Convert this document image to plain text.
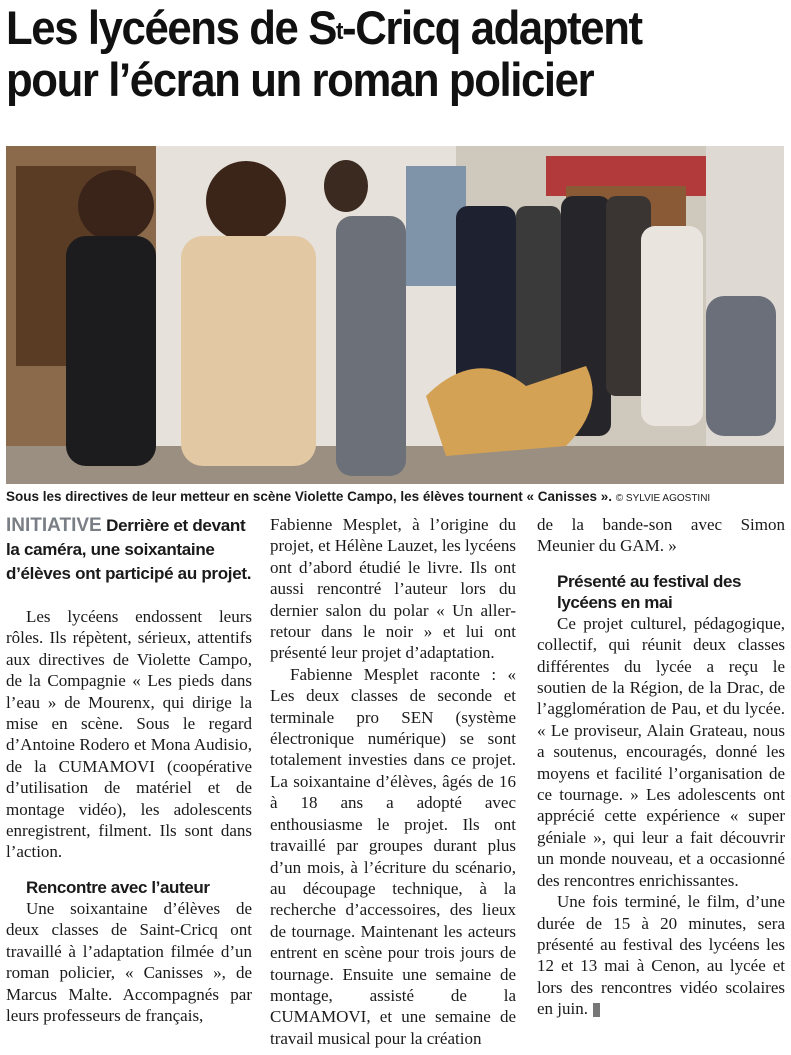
Les lycéens de $S^t$-Cricq adaptent pour l’écran un roman policier
Sous les directives de leur metteur en scène Violette Campo, les élèves tournent « Canisses ». © SYLVIE AGOSTINI
INITIATIVE Derrière et devant la caméra, une soixantaine d’élèves ont participé au projet.

Les lycéens endossent leurs rôles. Ils répètent, sérieux, attentifs aux directives de Violette Campo, de la Compagnie « Les pieds dans l’eau » de Mourenx, qui dirige la mise en scène. Sous le regard d’Antoine Rodero et Mona Audisio, de la CUMAMOVI (coopérative d’utilisation de matériel et de montage vidéo), les adolescents enregistrent, filment. Ils sont dans l’action.

Rencontre avec l’auteur

Une soixantaine d’élèves de deux classes de Saint-Cricq ont travaillé à l’adaptation filmée d’un roman policier, « Canisses », de Marcus Malte. Accompagnés par leurs professeurs de français,

Fabienne Mesplet, à l’origine du projet, et Hélène Lauzet, les lycéens ont d’abord étudié le livre. Ils ont aussi rencontré l’auteur lors du dernier salon du polar « Un aller-retour dans le noir » et lui ont présenté leur projet d’adaptation.

Fabienne Mesplet raconte : « Les deux classes de seconde et terminale pro SEN (système électronique numérique) se sont totalement investies dans ce projet. La soixantaine d’élèves, âgés de 16 à 18 ans a adopté avec enthousiasme le projet. Ils ont travaillé par groupes durant plus d’un mois, à l’écriture du scénario, au découpage technique, à la recherche d’accessoires, des lieux de tournage. Maintenant les acteurs entrent en scène pour trois jours de tournage. Ensuite une semaine de montage, assisté de la CUMAMOVI, et une semaine de travail musical pour la création

de la bande-son avec Simon Meunier du GAM. »

Présenté au festival des lycéens en mai

Ce projet culturel, pédagogique, collectif, qui réunit deux classes différentes du lycée a reçu le soutien de la Région, de la Drac, de l’agglomération de Pau, et du lycée. « Le proviseur, Alain Grateau, nous a soutenus, encouragés, donné les moyens et facilité l’organisation de ce tournage. » Les adolescents ont apprécié cette expérience « super géniale », qui leur a fait découvrir un monde nouveau, et a occasionné des rencontres enrichissantes.

Une fois terminé, le film, d’une durée de 15 à 20 minutes, sera présenté au festival des lycéens les 12 et 13 mai à Cenon, au lycée et lors des rencontres vidéo scolaires en juin.
